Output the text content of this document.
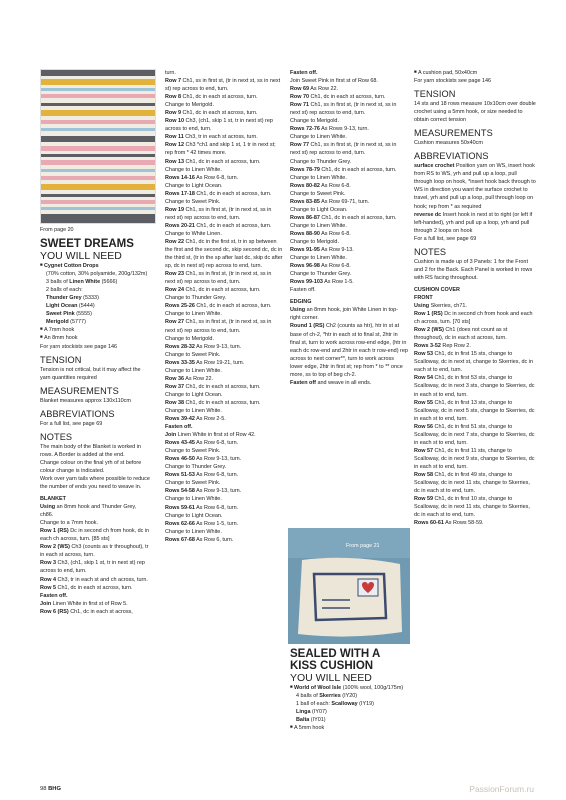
From page 20

SWEET DREAMS

YOU WILL NEED

■ Cygnet Cotton Drops

(70% cotton, 30% polyamide, 200g/132m)

3 balls of Linen White (5666)

2 balls of each:

Thunder Grey (5333)

Light Ocean (5444)

Sweet Pink (5555)

Merigold (5777)

■ A 7mm hook

■ An 8mm hook

For yarn stockists see page 146

TENSION

Tension is not critical, but it may affect the yarn quantities required

MEASUREMENTS

Blanket measures approx 130x110cm

ABBREVIATIONS

For a full list, see page 69

NOTES

The main body of the Blanket is worked in rows. A Border is added at the end.

Change colour on the final yrh of st before colour change is indicated.

Work over yarn tails where possible to reduce the number of ends you need to weave in.

BLANKET

Using an 8mm hook and Thunder Grey, ch86.

Change to a 7mm hook.

Row 1 (RS) Dc in second ch from hook, dc in each ch across, turn. [85 sts]

Row 2 (WS) Ch3 (counts as tr throughout), tr in each st across, turn.

Row 3 Ch3, (ch1, skip 1 st, tr in next st) rep across to end, turn.

Row 4 Ch3, tr in each st and ch across, turn.

Row 5 Ch1, dc in each st across, turn.

Fasten off.

Join Linen White in first st of Row 5.

Row 6 (RS) Ch1, dc in each st across,

turn.

Row 7 Ch1, ss in first st, (tr in next st, ss in next st) rep across to end, turn.

Row 8 Ch1, dc in each st across, turn.

Change to Merigold.

Row 9 Ch1, dc in each st across, turn.

Row 10 Ch3, (ch1, skip 1 st, tr in next st) rep across to end, turn.

Row 11 Ch3, tr in each st across, turn.

Row 12 Ch3 *ch1 and skip 1 st, 1 tr in next st; rep from * 42 times more.

Row 13 Ch1, dc in each st across, turn.

Change to Linen White.

Rows 14-16 As Row 6-8, turn.

Change to Light Ocean.

Rows 17-18 Ch1, dc in each st across, turn.

Change to Sweet Pink.

Row 19 Ch1, ss in first st, (tr in next st, ss in next st) rep across to end, turn.

Rows 20-21 Ch1, dc in each st across, turn.

Change to White Linen.

Row 22 Ch1, dc in the first st, tr in sp between the first and the second dc, skip second dc, dc in the third st, (tr in the sp after last dc, skip dc after sp, dc in next st) rep across to end, turn.

Row 23 Ch1, ss in first st, (tr in next st, ss in next st) rep across to end, turn.

Row 24 Ch1, dc in each st across, turn.

Change to Thunder Grey.

Rows 25-26 Ch1, dc in each st across, turn.

Change to Linen White.

Row 27 Ch1, ss in first st, (tr in next st, ss in next st) rep across to end, turn.

Change to Merigold.

Rows 28-32 As Row 9-13, turn.

Change to Sweet Pink.

Rows 33-35 As Row 19-21, turn.

Change to Linen White.

Row 36 As Row 22.

Row 37 Ch1, dc in each st across, turn.

Change to Light Ocean.

Row 38 Ch1, dc in each st across, turn.

Change to Linen White.

Rows 39-42 As Row 2-5.

Fasten off.

Join Linen White in first st of Row 42.

Rows 43-45 As Row 6-8, turn.

Change to Sweet Pink.

Rows 46-50 As Row 9-13, turn.

Change to Thunder Grey.

Rows 51-53 As Row 6-8, turn.

Change to Sweet Pink.

Rows 54-58 As Row 9-13, turn.

Change to Linen White.

Rows 59-61 As Row 6-8, turn.

Change to Light Ocean.

Rows 62-66 As Row 1-5, turn.

Change to Linen White.

Rows 67-68 As Row 6, turn.

Fasten off.

Join Sweet Pink in first st of Row 68.

Row 69 As Row 22.

Row 70 Ch1, dc in each st across, turn.

Row 71 Ch1, ss in first st, (tr in next st, ss in next st) rep across to end, turn.

Change to Merigold.

Rows 72-76 As Rows 9-13, turn.

Change to Linen White.

Row 77 Ch1, ss in first st, (tr in next st, ss in next st) rep across to end, turn.

Change to Thunder Grey.

Rows 78-79 Ch1, dc in each st across, turn.

Change to Linen White.

Rows 80-82 As Row 6-8.

Change to Sweet Pink.

Rows 83-85 As Row 69-71, turn.

Change to Light Ocean.

Rows 86-87 Ch1, dc in each st across, turn.

Change to Linen White.

Rows 88-90 As Row 6-8.

Change to Merigold.

Rows 91-95 As Row 9-13.

Change to Linen White.

Rows 96-98 As Row 6-8.

Change to Thunder Grey.

Rows 99-103 As Row 1-5.

Fasten off.

EDGING

Using an 8mm hook, join White Linen in top-right corner.

Round 1 (RS) Ch2 (counts as htr), htr in st at base of ch-2, *htr in each st to final st, 2htr in final st, turn to work across row-end edge, (htr in each dc row-end and 2htr in each tr row-end) rep across to next corner**, turn to work across lower edge, 2htr in first st; rep from * to ** once more, ss to top of beg ch-2.

Fasten off and weave in all ends.

From page 21

SEALED WITH A

KISS CUSHION

YOU WILL NEED

■ World of Wool Isle (100% wool, 100g/175m)

4 balls of Skerries (IY20)

1 ball of each: Scalloway (IY19)

Linga (IY07)

Balta (IY01)

■ A 5mm hook

■ A cushion pad, 50x40cm

For yarn stockists see page 146

TENSION

14 sts and 18 rows measure 10x10cm over double crochet using a 5mm hook, or size needed to obtain correct tension

MEASUREMENTS

Cushion measures 50x40cm

ABBREVIATIONS

surface crochet Position yarn on WS, insert hook from RS to WS, yrh and pull up a loop, pull through loop on hook, *insert hook back through to WS in direction you want the surface crochet to travel, yrh and pull up a loop, pull through loop on hook; rep from * as required

reverse dc Insert hook in next st to right (or left if left-handed), yrh and pull up a loop, yrh and pull through 2 loops on hook

For a full list, see page 69

NOTES

Cushion is made up of 3 Panels: 1 for the Front and 2 for the Back. Each Panel is worked in rows with RS facing throughout.

CUSHION COVER

FRONT

Using Skerries, ch71.

Row 1 (RS) Dc in second ch from hook and each ch across, turn. [70 sts]

Row 2 (WS) Ch1 (does not count as st throughout), dc in each st across, turn.

Rows 3-52 Rep Row 2.

Row 53 Ch1, dc in first 15 sts, change to Scalloway, dc in next st, change to Skerries, dc in each st to end, turn.

Row 54 Ch1, dc in first 53 sts, change to Scalloway, dc in next 3 sts, change to Skerries, dc in each st to end, turn.

Row 55 Ch1, dc in first 13 sts, change to Scalloway, dc in next 5 sts, change to Skerries, dc in each st to end, turn.

Row 56 Ch1, dc in first 51 sts, change to Scalloway, dc in next 7 sts, change to Skerries, dc in each st to end, turn.

Row 57 Ch1, dc in first 11 sts, change to Scalloway, dc in next 9 sts, change to Skerries, dc in each st to end, turn.

Row 58 Ch1, dc in first 49 sts, change to Scalloway, dc in next 11 sts, change to Skerries, dc in each st to end, turn.

Row 59 Ch1, dc in first 10 sts, change to Scalloway, dc in next 11 sts, change to Skerries, dc in each st to end, turn.

Rows 60-61 As Rows 58-59.

98 BHG	PassionForum.ru
